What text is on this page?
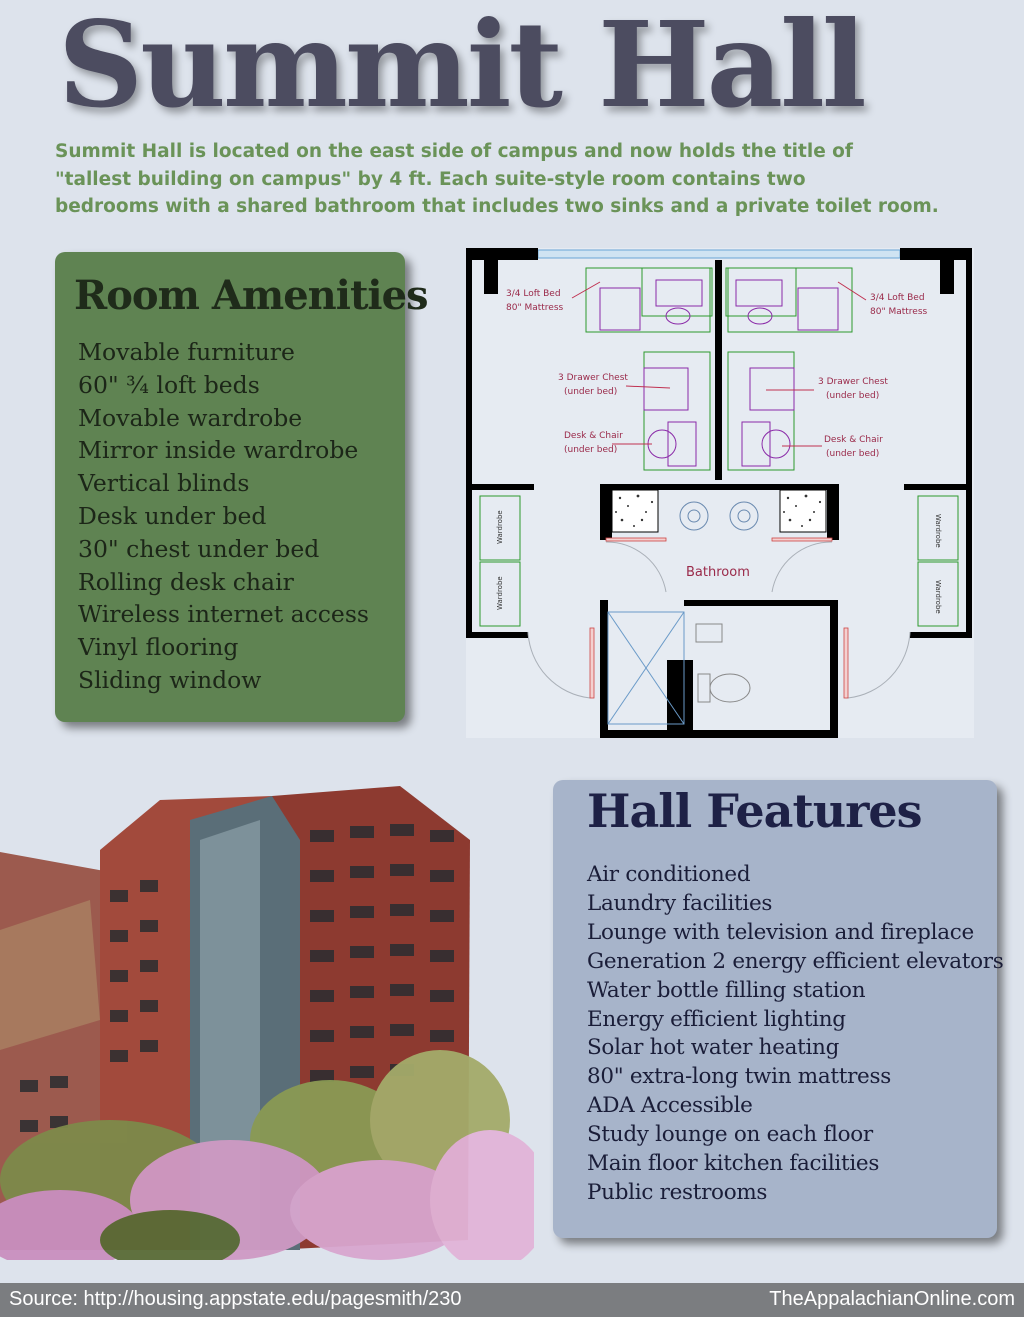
Summit Hall
Summit Hall is located on the east side of campus and now holds the title of
"tallest building on campus" by 4 ft. Each suite-style room contains two
bedrooms with a shared bathroom that includes two sinks and a private toilet room.
Room Amenities
Movable furniture
60" ¾ loft beds
Movable wardrobe
Mirror inside wardrobe
Vertical blinds
Desk under bed
30" chest under bed
Rolling desk chair
Wireless internet access
Vinyl flooring
Sliding window
3/4 Loft Bed
80" Mattress
3/4 Loft Bed
80" Mattress
3 Drawer Chest
(under bed)
3 Drawer Chest
(under bed)
Desk & Chair
(under bed)
Desk & Chair
(under bed)
Bathroom
Wardrobe
Wardrobe
Wardrobe
Wardrobe
Hall Features
Air conditioned
Laundry facilities
Lounge with television and fireplace
Generation 2 energy efficient elevators
Water bottle filling station
Energy efficient lighting
Solar hot water heating
80" extra-long twin mattress
ADA Accessible
Study lounge on each floor
Main floor kitchen facilities
Public restrooms
Source: http://housing.appstate.edu/pagesmith/230	TheAppalachianOnline.com
